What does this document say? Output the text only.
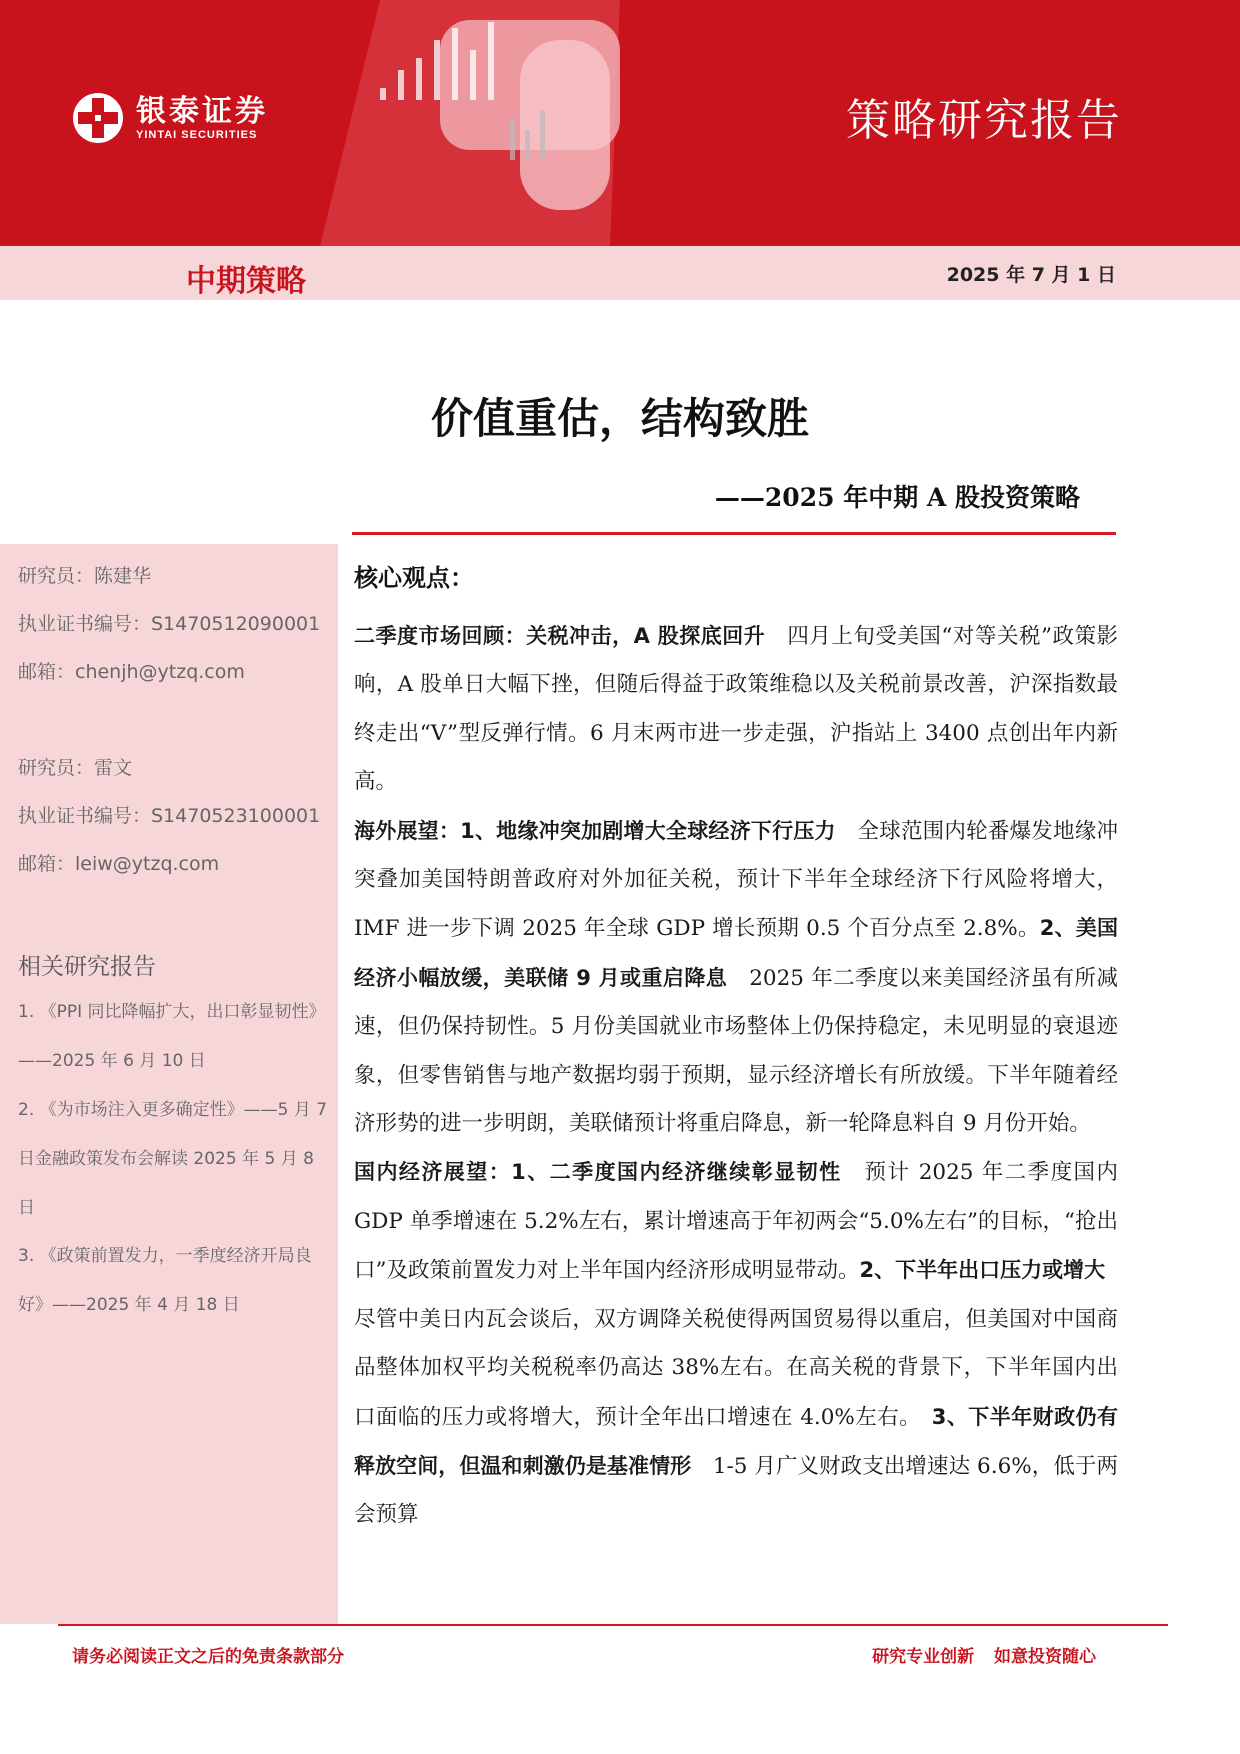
银泰证券
YINTAI SECURITIES	策略研究报告
中期策略	2025 年 7 月 1 日
价值重估，结构致胜
——2025 年中期 A 股投资策略
研究员：陈建华
执业证书编号：S1470512090001
邮箱：chenjh@ytzq.com
研究员：雷文
执业证书编号：S1470523100001
邮箱：leiw@ytzq.com
相关研究报告
1. 《PPI 同比降幅扩大，出口彰显韧性》——2025 年 6 月 10 日
2. 《为市场注入更多确定性》——5 月 7 日金融政策发布会解读 2025 年 5 月 8 日
3. 《政策前置发力，一季度经济开局良好》——2025 年 4 月 18 日
核心观点：

二季度市场回顾：关税冲击，A 股探底回升　四月上旬受美国“对等关税”政策影响，A 股单日大幅下挫，但随后得益于政策维稳以及关税前景改善，沪深指数最终走出“V”型反弹行情。6 月末两市进一步走强，沪指站上 3400 点创出年内新高。

海外展望：1、地缘冲突加剧增大全球经济下行压力　全球范围内轮番爆发地缘冲突叠加美国特朗普政府对外加征关税，预计下半年全球经济下行风险将增大，IMF 进一步下调 2025 年全球 GDP 增长预期 0.5 个百分点至 2.8%。2、美国经济小幅放缓，美联储 9 月或重启降息　2025 年二季度以来美国经济虽有所减速，但仍保持韧性。5 月份美国就业市场整体上仍保持稳定，未见明显的衰退迹象，但零售销售与地产数据均弱于预期，显示经济增长有所放缓。下半年随着经济形势的进一步明朗，美联储预计将重启降息，新一轮降息料自 9 月份开始。

国内经济展望：1、二季度国内经济继续彰显韧性　预计 2025 年二季度国内 GDP 单季增速在 5.2%左右，累计增速高于年初两会“5.0%左右”的目标，“抢出口”及政策前置发力对上半年国内经济形成明显带动。2、下半年出口压力或增大　尽管中美日内瓦会谈后，双方调降关税使得两国贸易得以重启，但美国对中国商品整体加权平均关税税率仍高达 38%左右。在高关税的背景下，下半年国内出口面临的压力或将增大，预计全年出口增速在 4.0%左右。　3、下半年财政仍有释放空间，但温和刺激仍是基准情形　1-5 月广义财政支出增速达 6.6%，低于两会预算

请务必阅读正文之后的免责条款部分	研究专业创新 如意投资随心
